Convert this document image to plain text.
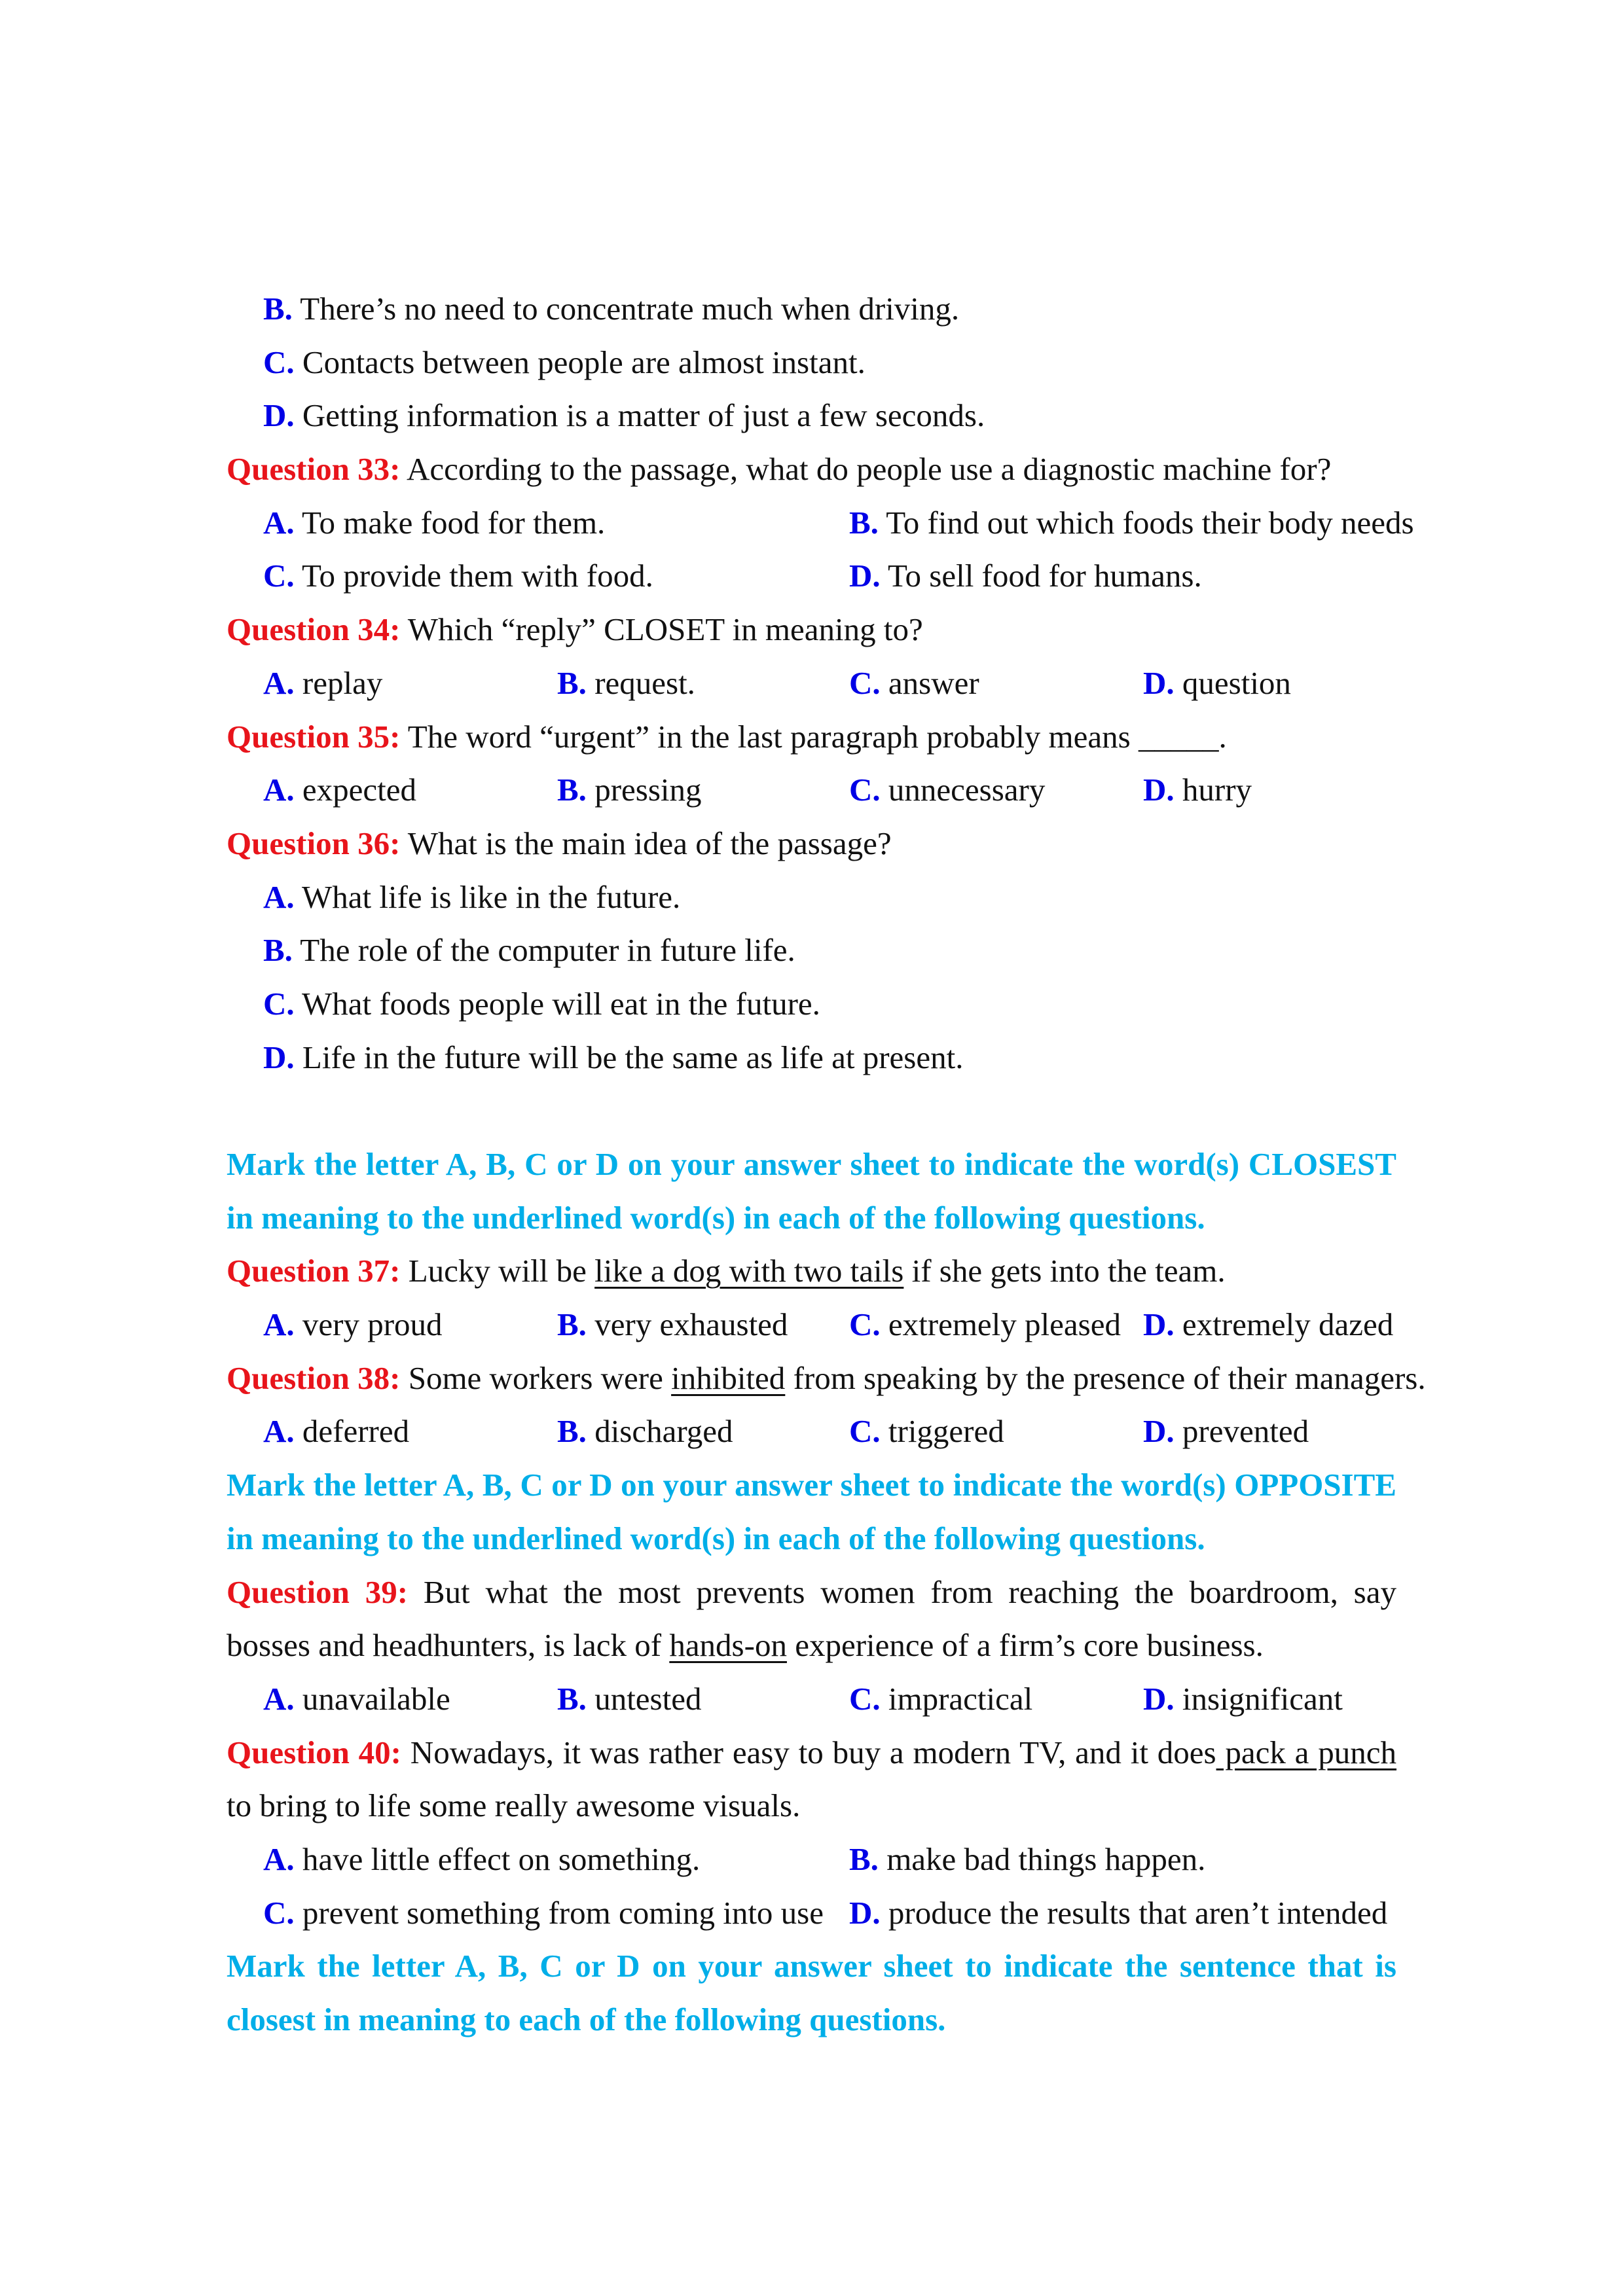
B. There’s no need to concentrate much when driving.
C. Contacts between people are almost instant.
D. Getting information is a matter of just a few seconds.
Question 33: According to the passage, what do people use a diagnostic machine for?
A. To make food for them.	B. To find out which foods their body needs
C. To provide them with food.	D. To sell food for humans.
Question 34: Which “reply” CLOSET in meaning to?
A. replay	B. request.	C. answer	D. question
Question 35: The word “urgent” in the last paragraph probably means _____.
A. expected	B. pressing	C. unnecessary	D. hurry
Question 36: What is the main idea of the passage?
A. What life is like in the future.
B. The role of the computer in future life.
C. What foods people will eat in the future.
D. Life in the future will be the same as life at present.
Mark the letter A, B, C or D on your answer sheet to indicate the word(s) CLOSEST in meaning to the underlined word(s) in each of the following questions.
Question 37: Lucky will be like a dog with two tails if she gets into the team.
A. very proud	B. very exhausted C. extremely pleased D. extremely dazed
Question 38: Some workers were inhibited from speaking by the presence of their managers.
A. deferred	B. discharged	C. triggered	D. prevented
Mark the letter A, B, C or D on your answer sheet to indicate the word(s) OPPOSITE in meaning to the underlined word(s) in each of the following questions.
Question 39: But what the most prevents women from reaching the boardroom, say bosses and headhunters, is lack of hands-on experience of a firm’s core business.
A. unavailable	B. untested	C. impractical	D. insignificant
Question 40: Nowadays, it was rather easy to buy a modern TV, and it does pack a punch to bring to life some really awesome visuals.
A. have little effect on something.	B. make bad things happen.
C. prevent something from coming into use D. produce the results that aren’t intended
Mark the letter A, B, C or D on your answer sheet to indicate the sentence that is closest in meaning to each of the following questions.
